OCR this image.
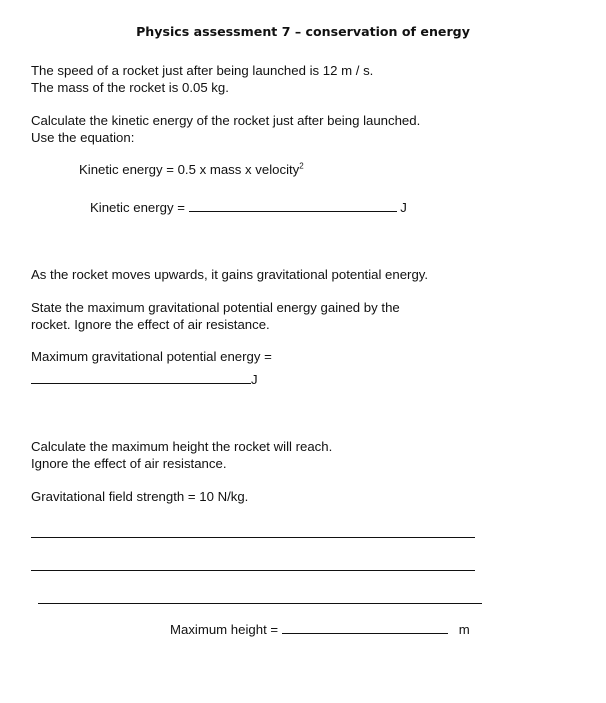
Physics assessment 7 – conservation of energy
The speed of a rocket just after being launched is 12 m / s.
The mass of the rocket is 0.05 kg.
Calculate the kinetic energy of the rocket just after being launched.
Use the equation:
Kinetic energy = 0.5 x mass x velocity$^2$
Kinetic energy =	J
As the rocket moves upwards, it gains gravitational potential energy.
State the maximum gravitational potential energy gained by the
rocket. Ignore the effect of air resistance.
Maximum gravitational potential energy =
J
Calculate the maximum height the rocket will reach.
Ignore the effect of air resistance.
Gravitational field strength = 10 N/kg.
Maximum height =	m
